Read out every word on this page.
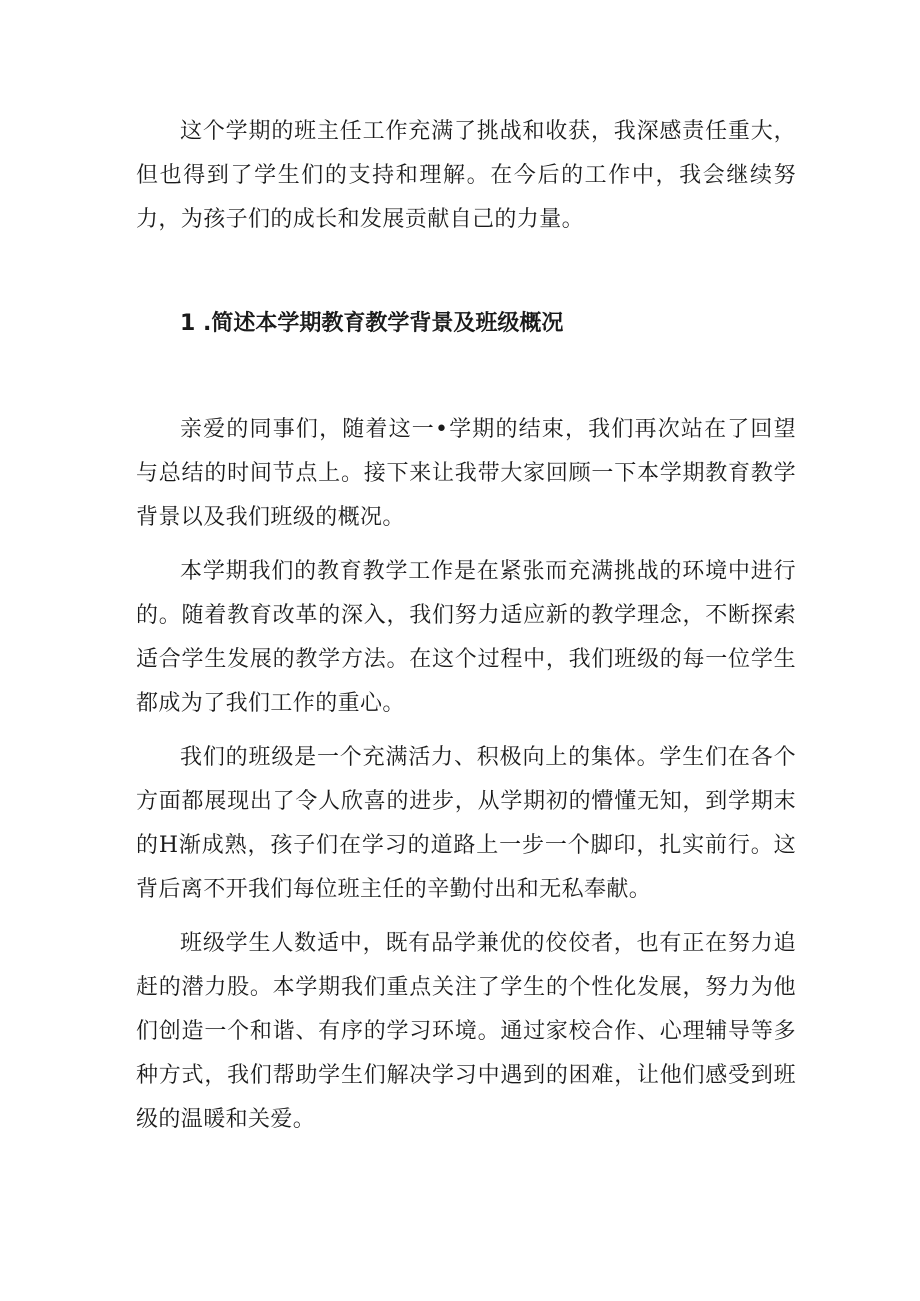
这个学期的班主任工作充满了挑战和收获，我深感责任重大，但也得到了学生们的支持和理解。在今后的工作中，我会继续努力，为孩子们的成长和发展贡献自己的力量。

1 .简述本学期教育教学背景及班级概况

亲爱的同事们，随着这一•学期的结束，我们再次站在了回望与总结的时间节点上。接下来让我带大家回顾一下本学期教育教学背景以及我们班级的概况。

本学期我们的教育教学工作是在紧张而充满挑战的环境中进行的。随着教育改革的深入，我们努力适应新的教学理念，不断探索适合学生发展的教学方法。在这个过程中，我们班级的每一位学生都成为了我们工作的重心。

我们的班级是一个充满活力、积极向上的集体。学生们在各个方面都展现出了令人欣喜的进步，从学期初的懵懂无知，到学期末的H渐成熟，孩子们在学习的道路上一步一个脚印，扎实前行。这背后离不开我们每位班主任的辛勤付出和无私奉献。

班级学生人数适中，既有品学兼优的佼佼者，也有正在努力追赶的潜力股。本学期我们重点关注了学生的个性化发展，努力为他们创造一个和谐、有序的学习环境。通过家校合作、心理辅导等多种方式，我们帮助学生们解决学习中遇到的困难，让他们感受到班级的温暖和关爱。
